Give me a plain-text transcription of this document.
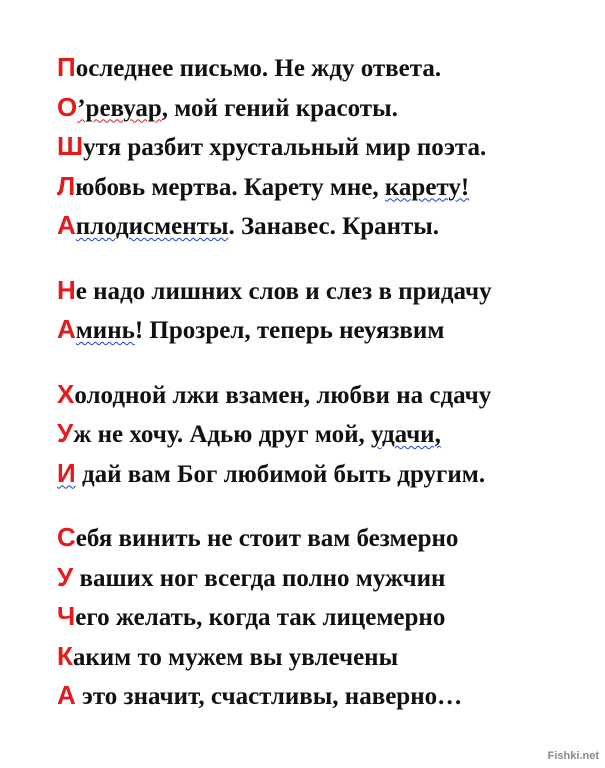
Последнее письмо. Не жду ответа.
О’ревуар, мой гений красоты.
Шутя разбит хрустальный мир поэта.
Любовь мертва. Карету мне, карету!
Аплодисменты. Занавес. Кранты.
Не надо лишних слов и слез в придачу
Аминь! Прозрел, теперь неуязвим
Холодной лжи взамен, любви на сдачу
Уж не хочу. Адью друг мой, удачи,
И дай вам Бог любимой быть другим.
Себя винить не стоит вам безмерно
У ваших ног всегда полно мужчин
Чего желать, когда так лицемерно
Каким то мужем вы увлечены
А это значит, счастливы, наверно…
Fishki.net
